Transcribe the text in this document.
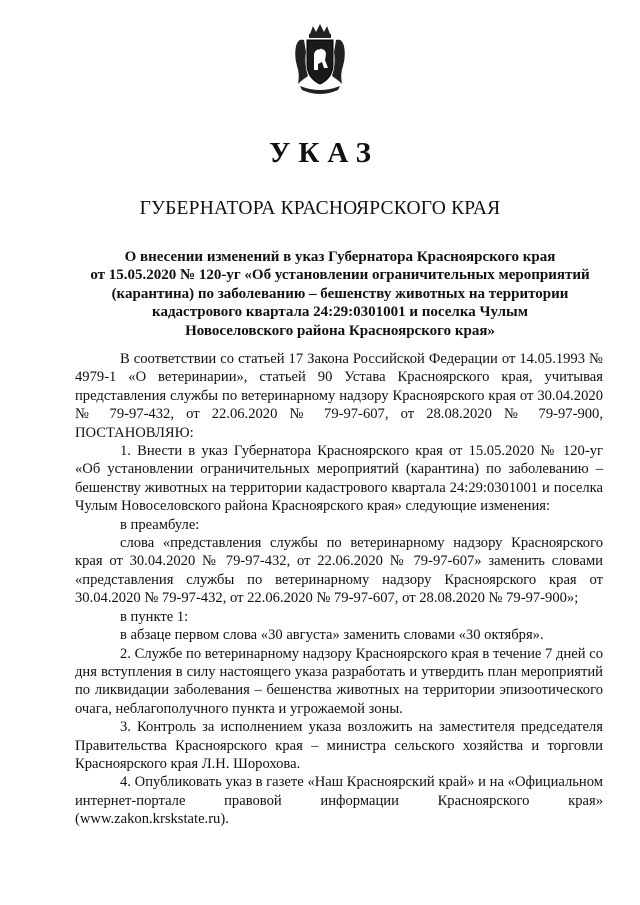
УКАЗ
ГУБЕРНАТОРА КРАСНОЯРСКОГО КРАЯ
О внесении изменений в указ Губернатора Красноярского края
от 15.05.2020 № 120-уг «Об установлении ограничительных мероприятий
(карантина) по заболеванию – бешенству животных на территории
кадастрового квартала 24:29:0301001 и поселка Чулым
Новоселовского района Красноярского края»

В соответствии со статьей 17 Закона Российской Федерации от 14.05.1993 № 4979-1 «О ветеринарии», статьей 90 Устава Красноярского края, учитывая представления службы по ветеринарному надзору Красноярского края от 30.04.2020 № 79-97-432, от 22.06.2020 № 79-97-607, от 28.08.2020 № 79-97-900, ПОСТАНОВЛЯЮ:

1. Внести в указ Губернатора Красноярского края от 15.05.2020 № 120-уг «Об установлении ограничительных мероприятий (карантина) по заболеванию – бешенству животных на территории кадастрового квартала 24:29:0301001 и поселка Чулым Новоселовского района Красноярского края» следующие изменения:

в преамбуле:

слова «представления службы по ветеринарному надзору Красноярского края от 30.04.2020 № 79-97-432, от 22.06.2020 № 79-97-607» заменить словами «представления службы по ветеринарному надзору Красноярского края от 30.04.2020 № 79-97-432, от 22.06.2020 № 79-97-607, от 28.08.2020 № 79-97-900»;

в пункте 1:

в абзаце первом слова «30 августа» заменить словами «30 октября».

2. Службе по ветеринарному надзору Красноярского края в течение 7 дней со дня вступления в силу настоящего указа разработать и утвердить план мероприятий по ликвидации заболевания – бешенства животных на территории эпизоотического очага, неблагополучного пункта и угрожаемой зоны.

3. Контроль за исполнением указа возложить на заместителя председателя Правительства Красноярского края – министра сельского хозяйства и торговли Красноярского края Л.Н. Шорохова.

4. Опубликовать указ в газете «Наш Красноярский край» и на «Официальном интернет-портале правовой информации Красноярского края» (www.zakon.krskstate.ru).
